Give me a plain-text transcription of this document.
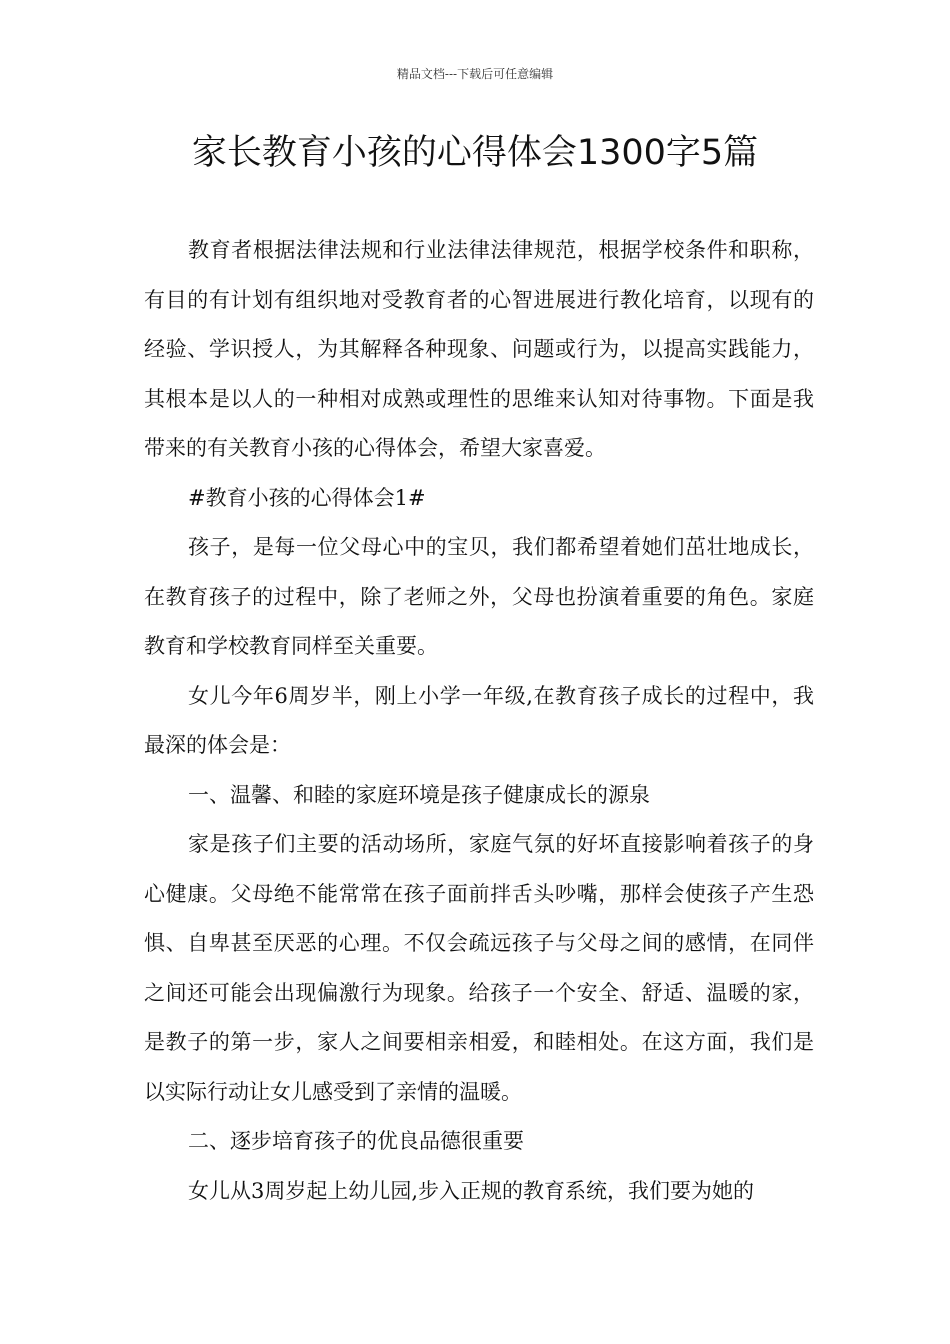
精品文档---下载后可任意编辑
家长教育小孩的心得体会1300字5篇

教育者根据法律法规和行业法律法律规范，根据学校条件和职称，有目的有计划有组织地对受教育者的心智进展进行教化培育，以现有的经验、学识授人，为其解释各种现象、问题或行为，以提高实践能力，其根本是以人的一种相对成熟或理性的思维来认知对待事物。下面是我带来的有关教育小孩的心得体会，希望大家喜爱。

#教育小孩的心得体会1#

孩子，是每一位父母心中的宝贝，我们都希望着她们茁壮地成长，在教育孩子的过程中，除了老师之外，父母也扮演着重要的角色。家庭教育和学校教育同样至关重要。

女儿今年6周岁半，刚上小学一年级,在教育孩子成长的过程中，我最深的体会是：

一、温馨、和睦的家庭环境是孩子健康成长的源泉

家是孩子们主要的活动场所，家庭气氛的好坏直接影响着孩子的身心健康。父母绝不能常常在孩子面前拌舌头吵嘴，那样会使孩子产生恐惧、自卑甚至厌恶的心理。不仅会疏远孩子与父母之间的感情，在同伴之间还可能会出现偏激行为现象。给孩子一个安全、舒适、温暖的家，是教子的第一步，家人之间要相亲相爱，和睦相处。在这方面，我们是以实际行动让女儿感受到了亲情的温暖。

二、逐步培育孩子的优良品德很重要

女儿从3周岁起上幼儿园,步入正规的教育系统，我们要为她的
